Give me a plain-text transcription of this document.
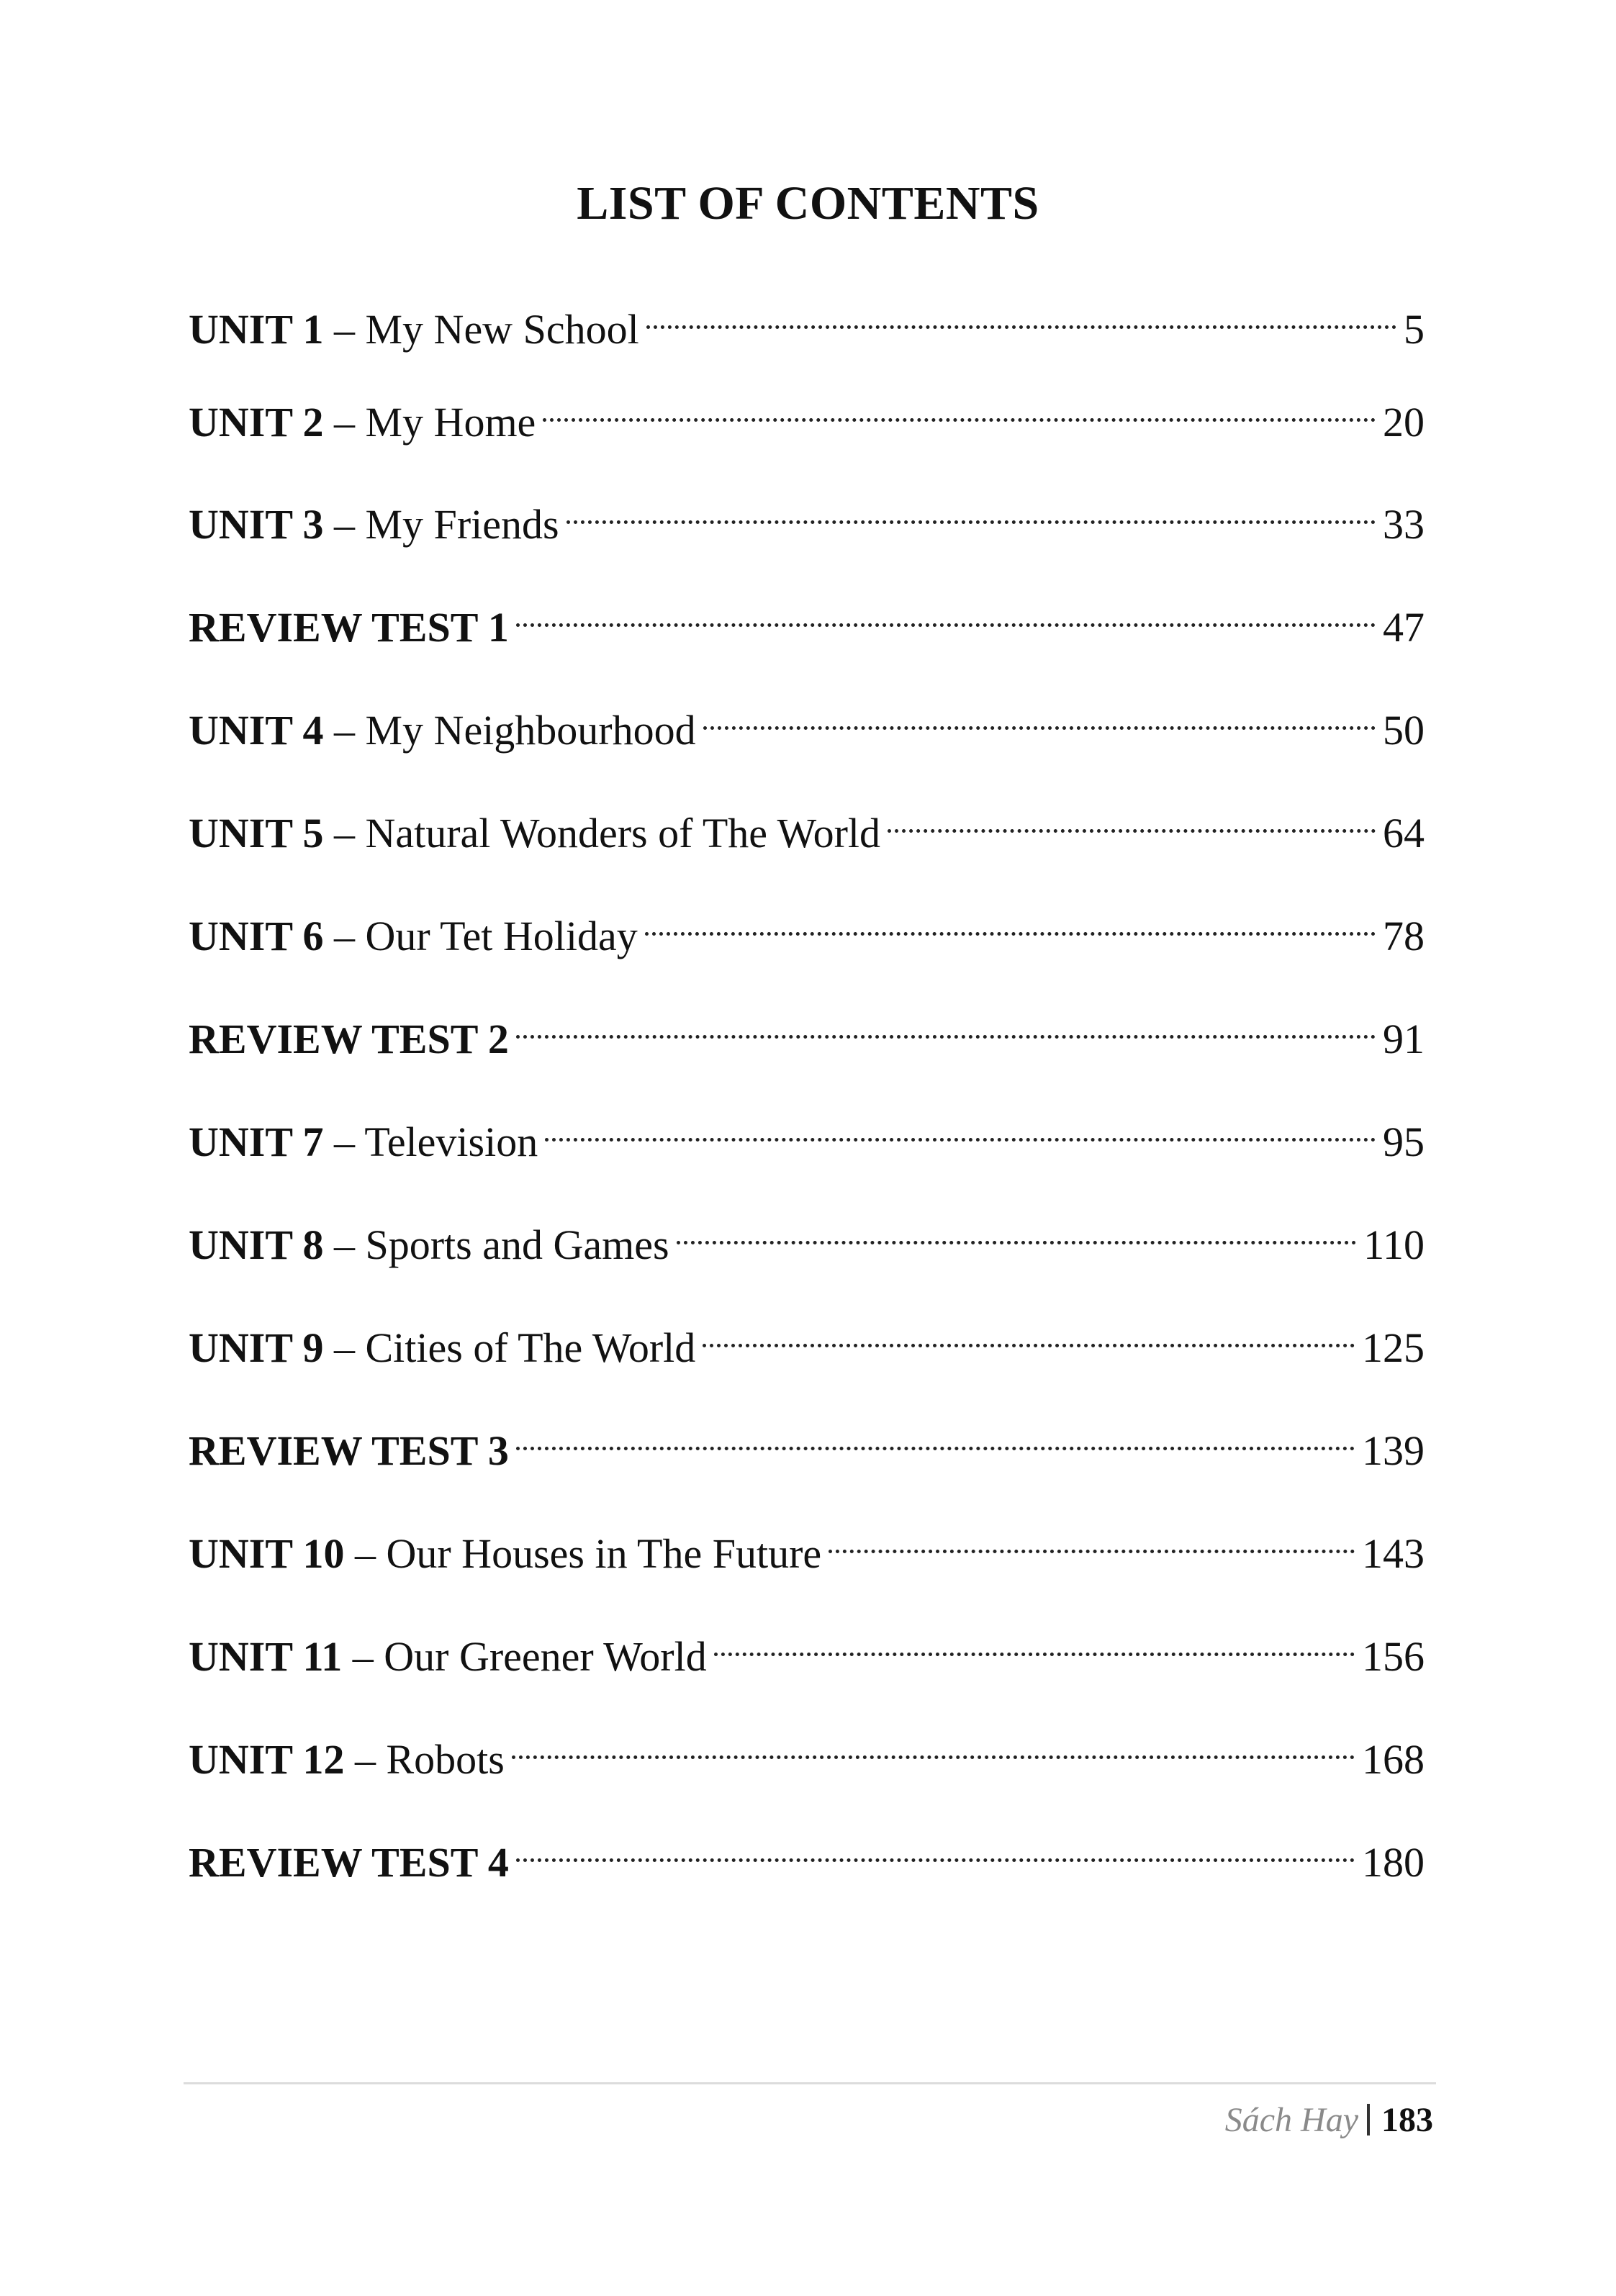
LIST OF CONTENTS
UNIT 1 – My New School	5
UNIT 2 – My Home	20
UNIT 3 – My Friends	33
REVIEW TEST 1	47
UNIT 4 – My Neighbourhood	50
UNIT 5 – Natural Wonders of The World	64
UNIT 6 – Our Tet Holiday	78
REVIEW TEST 2	91
UNIT 7 – Television	95
UNIT 8 – Sports and Games	110
UNIT 9 – Cities of The World	125
REVIEW TEST 3	139
UNIT 10 – Our Houses in The Future	143
UNIT 11 – Our Greener World	156
UNIT 12 – Robots	168
REVIEW TEST 4	180
Sách Hay 183
